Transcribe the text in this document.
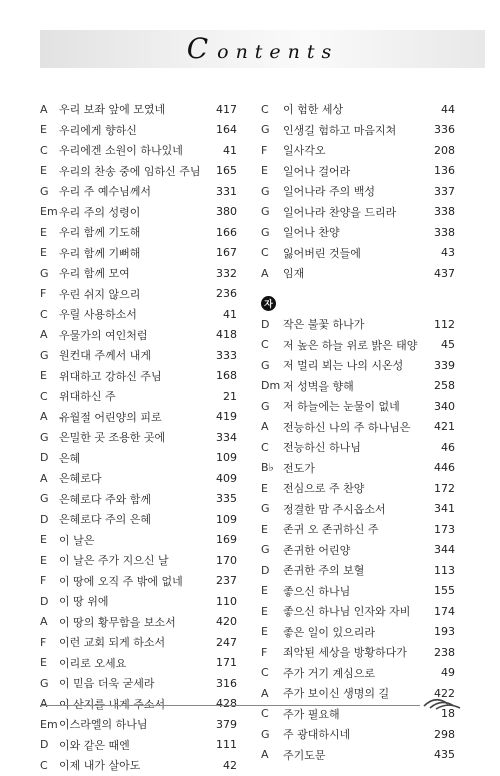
Contents
A	우리 보좌 앞에 모였네	417
E	우리에게 향하신	164
C	우리에겐 소원이 하나있네	41
E	우리의 찬송 중에 임하신 주님	165
G 우리 주 예수님께서	331
Em 우리 주의 성령이	380
E	우리 함께 기도해	166
E	우리 함께 기뻐해	167
G 우리 함께 모여	332
F	우린 쉬지 않으리	236
C	우릴 사용하소서	41
A	우물가의 여인처럼	418
G 원컨대 주께서 내게	333
E	위대하고 강하신 주님	168
C	위대하신 주	21
A	유월절 어린양의 피로	419
G 은밀한 곳 조용한 곳에	334
D 은혜	109
A	은혜로다	409
G 은혜로다 주와 함께	335
D 은혜로다 주의 은혜	109
E	이 날은	169
E	이 날은 주가 지으신 날	170
F	이 땅에 오직 주 밖에 없네	237
D 이 땅 위에	110
A	이 땅의 황무함을 보소서	420
F	이런 교회 되게 하소서	247
E	이리로 오세요	171
G 이 믿음 더욱 굳세라	316
A	이 산지를 내게 주소서	428
Em 이스라엘의 하나님	379
D 이와 같은 때엔	111
C	이제 내가 살아도	42
C	이 험한 세상	44
G	인생길 험하고 마음지쳐	336
F	일사각오	208
E	일어나 걸어라	136
G	일어나라 주의 백성	337
G	일어나라 찬양을 드리라	338
G	일어나 찬양	338
C	잃어버린 것들에	43
A	임재	437
자
D	작은 불꽃 하나가	112
C	저 높은 하늘 위로 밝은 태양	45
G	저 멀리 뵈는 나의 시온성	339
Dm 저 성벽을 향해	258
G	저 하늘에는 눈물이 없네	340
A	전능하신 나의 주 하나님은	421
C	전능하신 하나님	46
B♭ 전도가	446
E	전심으로 주 찬양	172
G	정결한 맘 주시옵소서	341
E	존귀 오 존귀하신 주	173
G	존귀한 어린양	344
D	존귀한 주의 보혈	113
E	좋으신 하나님	155
E	좋으신 하나님 인자와 자비	174
E	좋은 일이 있으리라	193
F	죄악된 세상을 방황하다가	238
C	주가 거기 계심으로	49
A	주가 보이신 생명의 길	422
C	주가 필요해	18
G	주 광대하시네	298
A	주기도문	435
